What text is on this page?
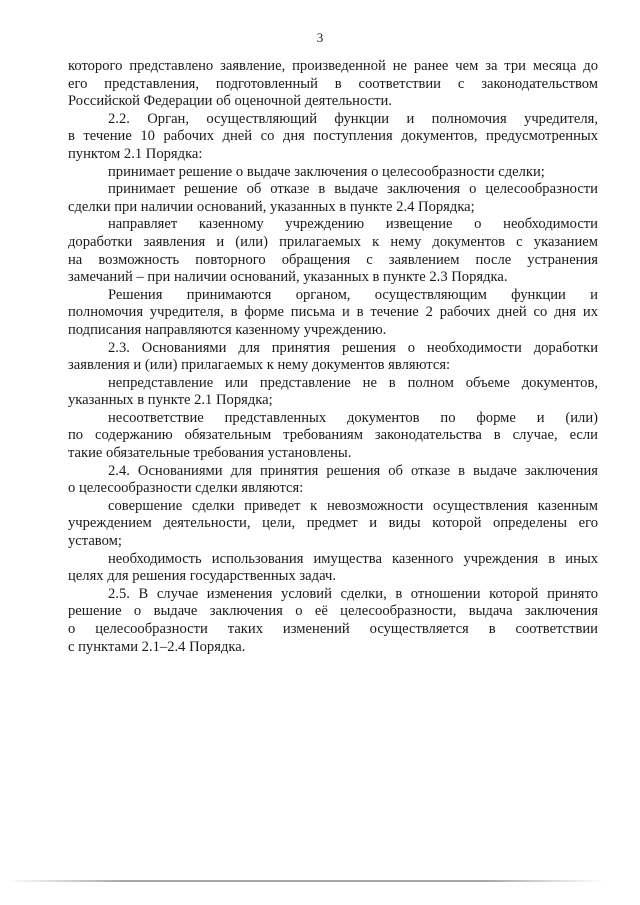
3

которого представлено заявление, произведенной не ранее чем за три месяца до

его представления, подготовленный в соответствии с законодательством

Российской Федерации об оценочной деятельности.

2.2. Орган, осуществляющий функции и полномочия учредителя,

в течение 10 рабочих дней со дня поступления документов, предусмотренных

пунктом 2.1 Порядка:

принимает решение о выдаче заключения о целесообразности сделки;

принимает решение об отказе в выдаче заключения о целесообразности

сделки при наличии оснований, указанных в пункте 2.4 Порядка;

направляет казенному учреждению извещение о необходимости

доработки заявления и (или) прилагаемых к нему документов с указанием

на возможность повторного обращения с заявлением после устранения

замечаний – при наличии оснований, указанных в пункте 2.3 Порядка.

Решения принимаются органом, осуществляющим функции и

полномочия учредителя, в форме письма и в течение 2 рабочих дней со дня их

подписания направляются казенному учреждению.

2.3. Основаниями для принятия решения о необходимости доработки

заявления и (или) прилагаемых к нему документов являются:

непредставление или представление не в полном объеме документов,

указанных в пункте 2.1 Порядка;

несоответствие представленных документов по форме и (или)

по содержанию обязательным требованиям законодательства в случае, если

такие обязательные требования установлены.

2.4. Основаниями для принятия решения об отказе в выдаче заключения

о целесообразности сделки являются:

совершение сделки приведет к невозможности осуществления казенным

учреждением деятельности, цели, предмет и виды которой определены его

уставом;

необходимость использования имущества казенного учреждения в иных

целях для решения государственных задач.

2.5. В случае изменения условий сделки, в отношении которой принято

решение о выдаче заключения о её целесообразности, выдача заключения

о целесообразности таких изменений осуществляется в соответствии

с пунктами 2.1–2.4 Порядка.
